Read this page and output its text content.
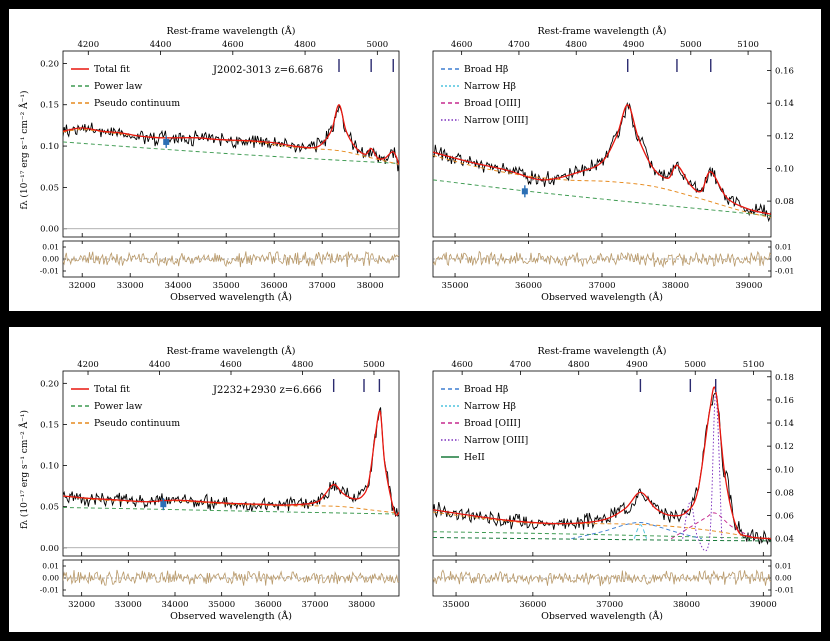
32000 33000 34000 35000 36000 37000 38000
4200	4400	4600	4800	5000
0.00
0.05
0.10
0.15
0.20
-0.01
0.00
0.01
Observed wavelength (Å)
Rest-frame wavelength (Å)
fλ (10⁻¹⁷ erg s⁻¹ cm⁻² Å⁻¹)
Total fit
Power law
Pseudo continuum
J2002-3013 z=6.6876
35000	36000	37000	38000	39000
4600	4700	4800	4900	5000	5100
0.08
0.10
0.12
0.14
0.16
-0.01
0.00
0.01
Observed wavelength (Å)
Rest-frame wavelength (Å)
Broad Hβ
Narrow Hβ
Broad [OIII]
Narrow [OIII]
32000 33000 34000 35000 36000 37000 38000
4200	4400	4600	4800	5000
0.00
0.05
0.10
0.15
0.20
-0.01
0.00
0.01
Observed wavelength (Å)
Rest-frame wavelength (Å)
fλ (10⁻¹⁷ erg s⁻¹ cm⁻² Å⁻¹)
Total fit
Power law
Pseudo continuum
J2232+2930 z=6.666
35000	36000	37000	38000	39000
4600	4700	4800	4900	5000	5100
0.04
0.06
0.08
0.10
0.12
0.14
0.16
0.18
-0.01
0.00
0.01
Observed wavelength (Å)
Rest-frame wavelength (Å)
Broad Hβ
Narrow Hβ
Broad [OIII]
Narrow [OIII]
HeII
